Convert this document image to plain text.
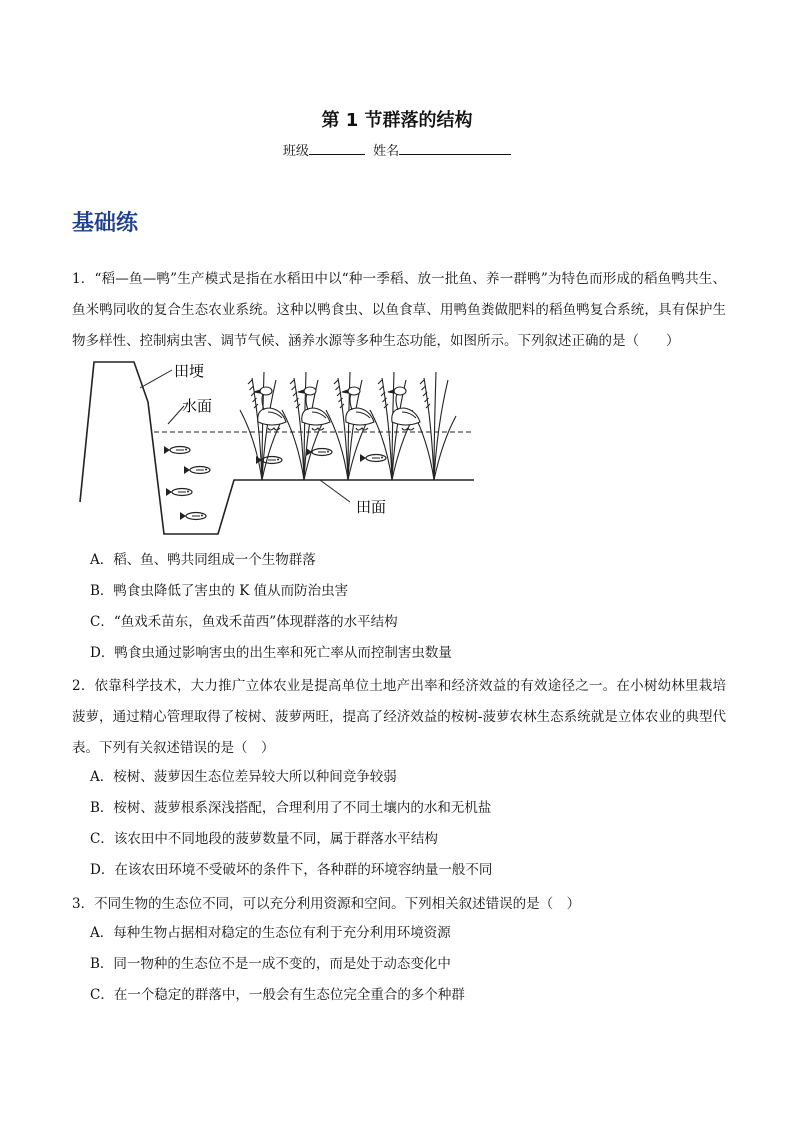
第 1 节群落的结构
班级	姓名
基础练

1．“稻—鱼—鸭”生产模式是指在水稻田中以“种一季稻、放一批鱼、养一群鸭”为特色而形成的稻鱼鸭共生、鱼米鸭同收的复合生态农业系统。这种以鸭食虫、以鱼食草、用鸭鱼粪做肥料的稻鱼鸭复合系统，具有保护生物多样性、控制病虫害、调节气候、涵养水源等多种生态功能，如图所示。下列叙述正确的是（　　）

田埂
水面
田面
A．稻、鱼、鸭共同组成一个生物群落
B．鸭食虫降低了害虫的 K 值从而防治虫害
C．“鱼戏禾苗东，鱼戏禾苗西”体现群落的水平结构
D．鸭食虫通过影响害虫的出生率和死亡率从而控制害虫数量

2．依靠科学技术，大力推广立体农业是提高单位土地产出率和经济效益的有效途径之一。在小树幼林里栽培菠萝，通过精心管理取得了桉树、菠萝两旺，提高了经济效益的桉树-菠萝农林生态系统就是立体农业的典型代表。下列有关叙述错误的是（　）

A．桉树、菠萝因生态位差异较大所以种间竞争较弱
B．桉树、菠萝根系深浅搭配，合理利用了不同土壤内的水和无机盐
C．该农田中不同地段的菠萝数量不同，属于群落水平结构
D．在该农田环境不受破坏的条件下，各种群的环境容纳量一般不同

3．不同生物的生态位不同，可以充分利用资源和空间。下列相关叙述错误的是（　）

A．每种生物占据相对稳定的生态位有利于充分利用环境资源
B．同一物种的生态位不是一成不变的，而是处于动态变化中
C．在一个稳定的群落中，一般会有生态位完全重合的多个种群
